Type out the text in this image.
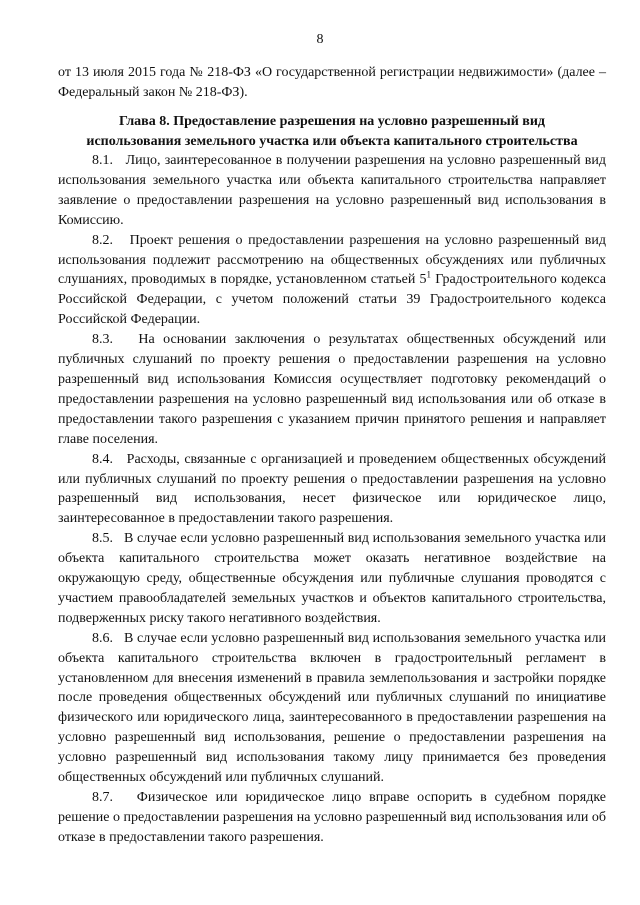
8

от 13 июля 2015 года № 218-ФЗ «О государственной регистрации недвижимости» (далее – Федеральный закон № 218-ФЗ).

Глава 8. Предоставление разрешения на условно разрешенный вид
использования земельного участка или объекта капитального строительства

8.1.   Лицо, заинтересованное в получении разрешения на условно разрешенный вид использования земельного участка или объекта капитального строительства направляет заявление о предоставлении разрешения на условно разрешенный вид использования в Комиссию.

8.2.   Проект решения о предоставлении разрешения на условно разрешенный вид использования подлежит рассмотрению на общественных обсуждениях или публичных слушаниях, проводимых в порядке, установленном статьей $5^1$ Градостроительного кодекса Российской Федерации, с учетом положений статьи 39 Градостроительного кодекса Российской Федерации.

8.3.   На основании заключения о результатах общественных обсуждений или публичных слушаний по проекту решения о предоставлении разрешения на условно разрешенный вид использования Комиссия осуществляет подготовку рекомендаций о предоставлении разрешения на условно разрешенный вид использования или об отказе в предоставлении такого разрешения с указанием причин принятого решения и направляет главе поселения.

8.4.   Расходы, связанные с организацией и проведением общественных обсуждений или публичных слушаний по проекту решения о предоставлении разрешения на условно разрешенный вид использования, несет физическое или юридическое лицо, заинтересованное в предоставлении такого разрешения.

8.5.   В случае если условно разрешенный вид использования земельного участка или объекта капитального строительства может оказать негативное воздействие на окружающую среду, общественные обсуждения или публичные слушания проводятся с участием правообладателей земельных участков и объектов капитального строительства, подверженных риску такого негативного воздействия.

8.6.   В случае если условно разрешенный вид использования земельного участка или объекта капитального строительства включен в градостроительный регламент в установленном для внесения изменений в правила землепользования и застройки порядке после проведения общественных обсуждений или публичных слушаний по инициативе физического или юридического лица, заинтересованного в предоставлении разрешения на условно разрешенный вид использования, решение о предоставлении разрешения на условно разрешенный вид использования такому лицу принимается без проведения общественных обсуждений или публичных слушаний.

8.7.   Физическое или юридическое лицо вправе оспорить в судебном порядке решение о предоставлении разрешения на условно разрешенный вид использования или об отказе в предоставлении такого разрешения.
